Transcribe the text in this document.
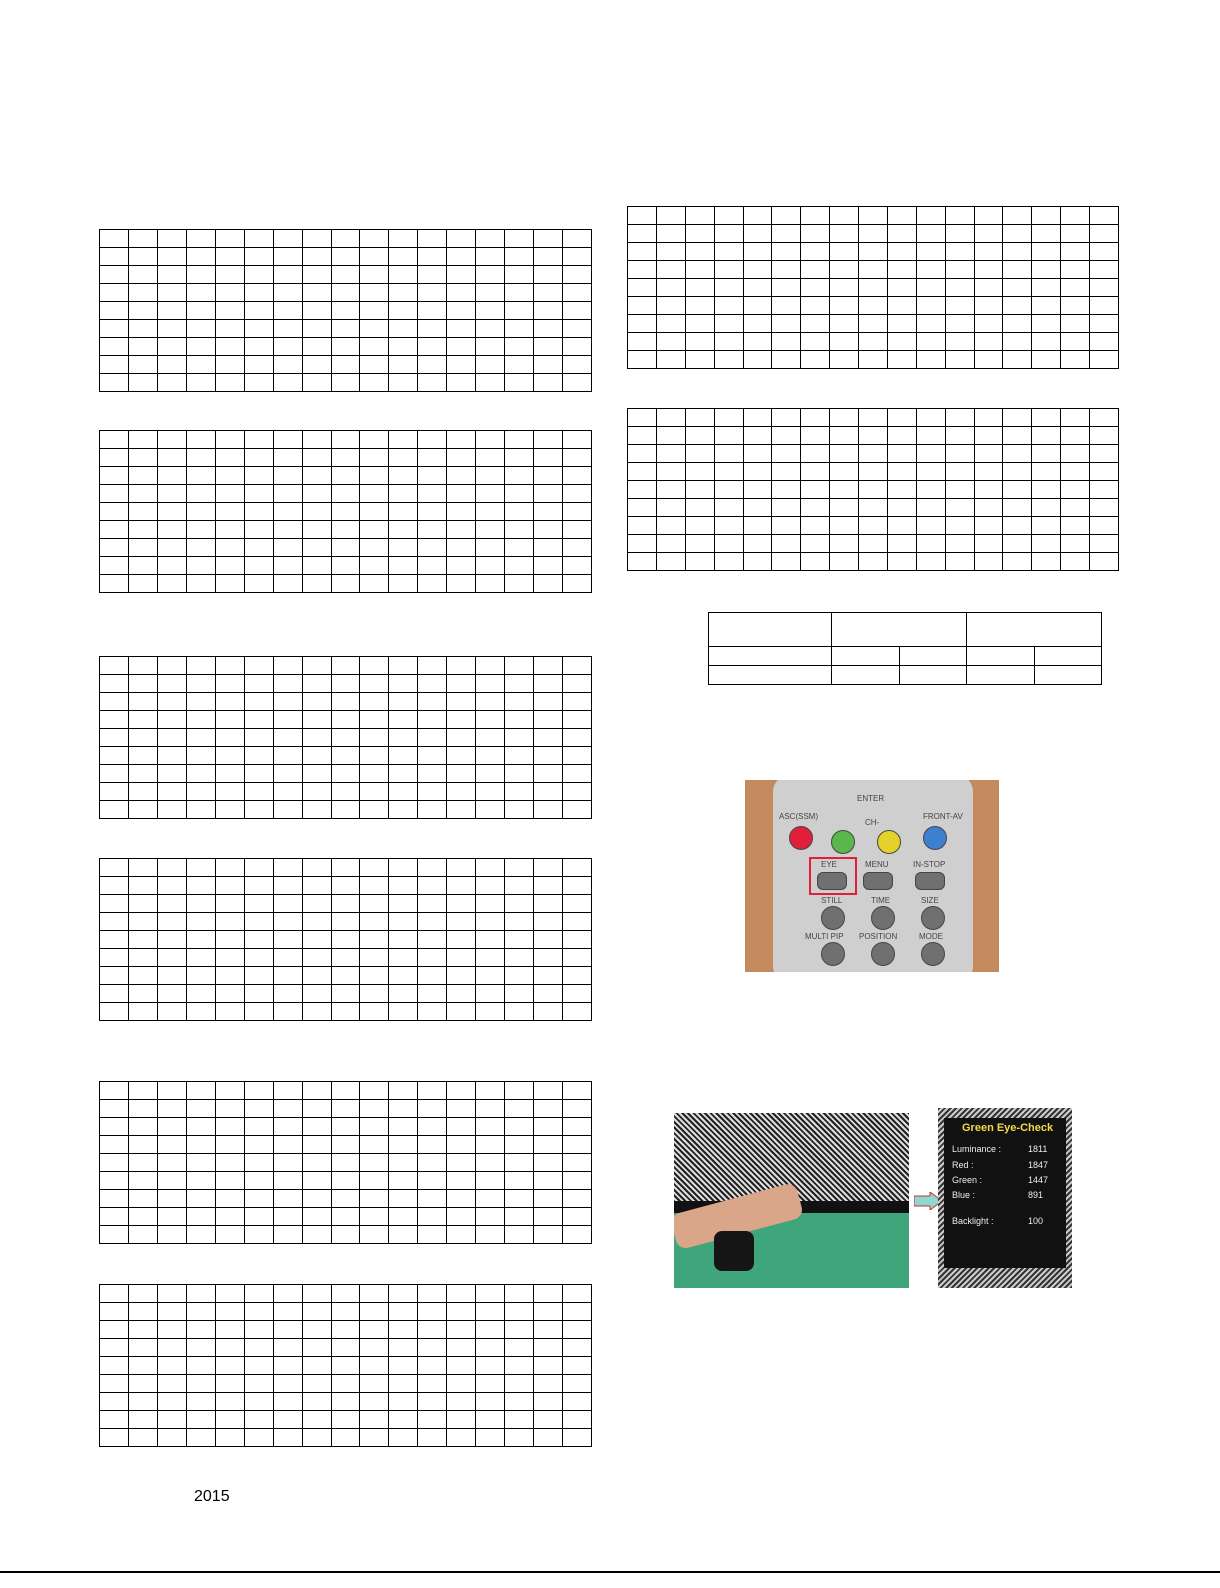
ENTER
CH-
ASC(SSM)	FRONT-AV
EYE	MENU	IN-STOP
STILL	TIME	SIZE
MULTI PIP POSITION	MODE
Green Eye-Check
Luminance :	1811
Red :	1847
Green :	1447
Blue :	891
Backlight :	100
2015
